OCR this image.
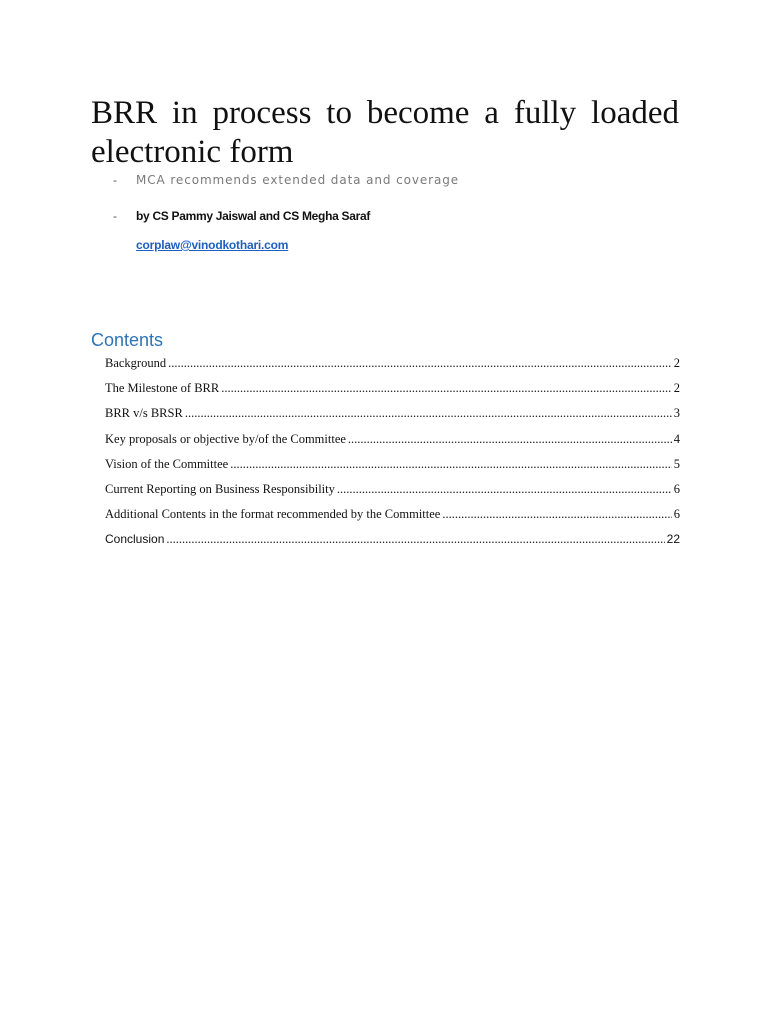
BRR in process to become a fully loaded
electronic form
-	MCA recommends extended data and coverage
-	by CS Pammy Jaiswal and CS Megha Saraf
corplaw@vinodkothari.com
Contents
Background .....	2
The Milestone of BRR .....	2
BRR v/s BRSR .....	3
Key proposals or objective by/of the Committee .....	4
Vision of the Committee .....	5
Current Reporting on Business Responsibility .....	6
Additional Contents in the format recommended by the Committee .....	6
Conclusion .....	22
